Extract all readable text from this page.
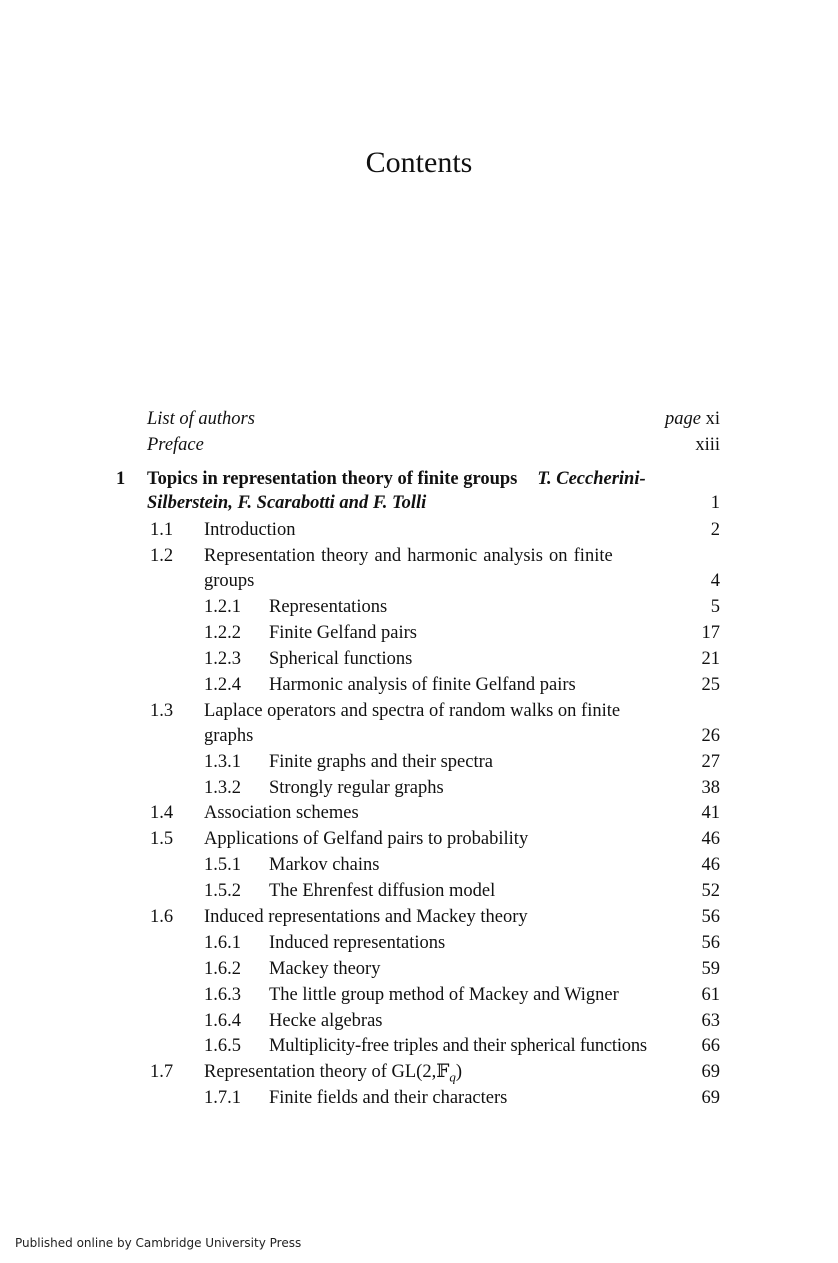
Contents
List of authors	page xi
Preface	xiii
1 Topics in representation theory of finite groups T. Ceccherini-
Silberstein, F. Scarabotti and F. Tolli	1
1.1 Introduction	2
1.2 Representation theory and harmonic analysis on finite
groups	4
1.2.1 Representations	5
1.2.2 Finite Gelfand pairs	17
1.2.3 Spherical functions	21
1.2.4 Harmonic analysis of finite Gelfand pairs	25
1.3 Laplace operators and spectra of random walks on finite
graphs	26
1.3.1 Finite graphs and their spectra	27
1.3.2 Strongly regular graphs	38
1.4 Association schemes	41
1.5 Applications of Gelfand pairs to probability	46
1.5.1 Markov chains	46
1.5.2 The Ehrenfest diffusion model	52
1.6 Induced representations and Mackey theory	56
1.6.1 Induced representations	56
1.6.2 Mackey theory	59
1.6.3 The little group method of Mackey and Wigner	61
1.6.4 Hecke algebras	63
1.6.5 Multiplicity-free triples and their spherical functions	66
1.7 Representation theory of GL(2,𝔽$_q$)	69
1.7.1 Finite fields and their characters	69
Published online by Cambridge University Press
